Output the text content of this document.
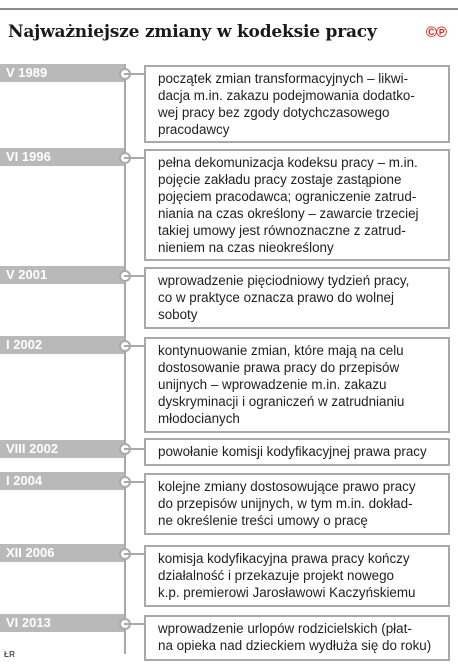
Najważniejsze zmiany w kodeksie pracy	©℗
V 1989	początek zmian transformacyjnych – likwi-
dacja m.in. zakazu podejmowania dodatko-
wej pracy bez zgody dotychczasowego
pracodawcy

VI 1996	pełna dekomunizacja kodeksu pracy – m.in.
pojęcie zakładu pracy zostaje zastąpione
pojęciem pracodawca; ograniczenie zatrud-
niania na czas określony – zawarcie trzeciej
takiej umowy jest równoznaczne z zatrud-
nieniem na czas nieokreślony

V 2001	wprowadzenie pięciodniowy tydzień pracy,
co w praktyce oznacza prawo do wolnej
soboty

I 2002	kontynuowanie zmian, które mają na celu
dostosowanie prawa pracy do przepisów
unijnych – wprowadzenie m.in. zakazu
dyskryminacji i ograniczeń w zatrudnianiu
młodocianych

VIII 2002	powołanie komisji kodyfikacyjnej prawa pracy

I 2004	kolejne zmiany dostosowujące prawo pracy
do przepisów unijnych, w tym m.in. dokład-
ne określenie treści umowy o pracę

XII 2006	komisja kodyfikacyjna prawa pracy kończy
działalność i przekazuje projekt nowego
k.p. premierowi Jarosławowi Kaczyńskiemu

VI 2013	wprowadzenie urlopów rodzicielskich (płat-
na opieka nad dzieckiem wydłuża się do roku)

ŁR
